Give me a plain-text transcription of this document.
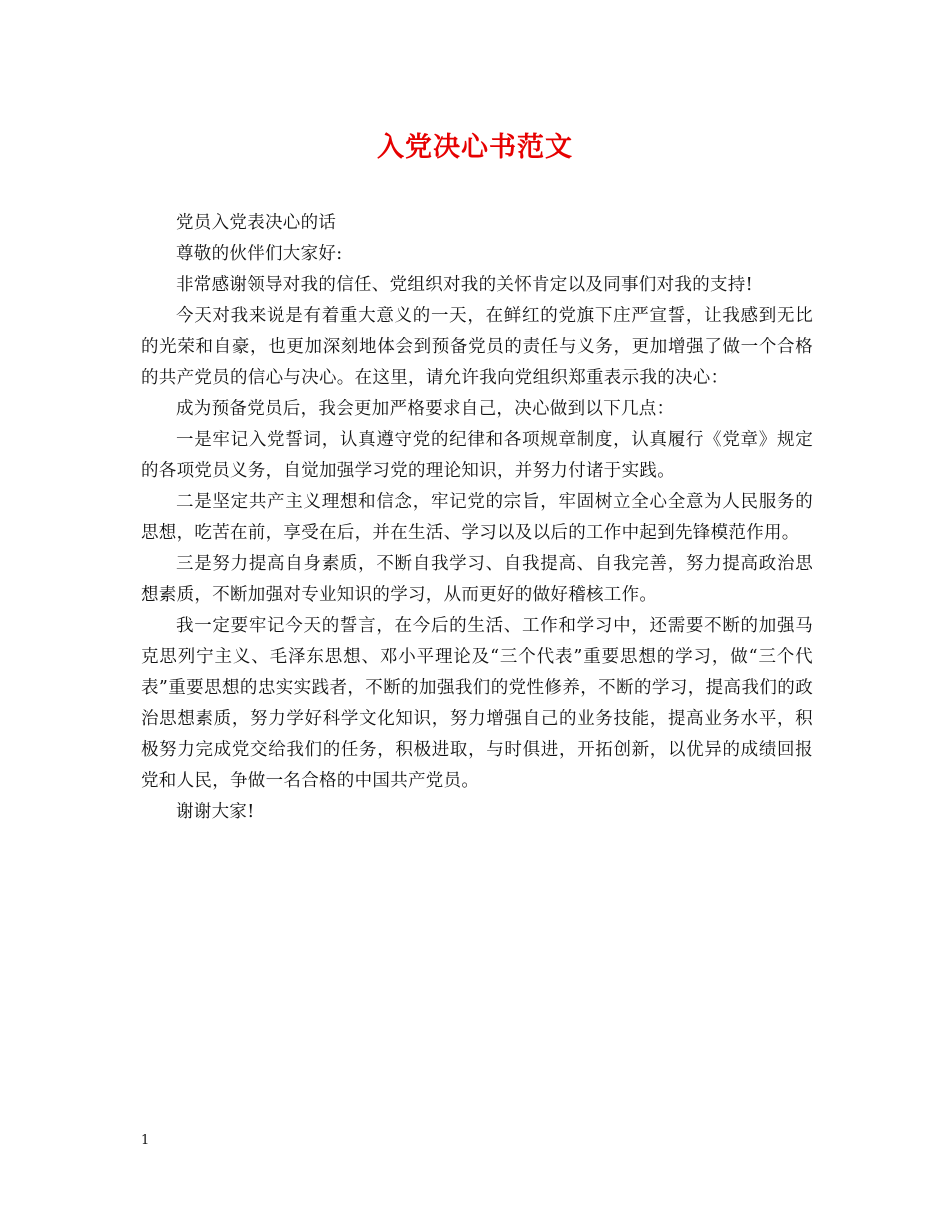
入党决心书范文

党员入党表决心的话

尊敬的伙伴们大家好:

非常感谢领导对我的信任、党组织对我的关怀肯定以及同事们对我的支持!

今天对我来说是有着重大意义的一天，在鲜红的党旗下庄严宣誓，让我感到无比的光荣和自豪，也更加深刻地体会到预备党员的责任与义务，更加增强了做一个合格的共产党员的信心与决心。在这里，请允许我向党组织郑重表示我的决心：

成为预备党员后，我会更加严格要求自己，决心做到以下几点：

一是牢记入党誓词，认真遵守党的纪律和各项规章制度，认真履行《党章》规定的各项党员义务，自觉加强学习党的理论知识，并努力付诸于实践。

二是坚定共产主义理想和信念，牢记党的宗旨，牢固树立全心全意为人民服务的思想，吃苦在前，享受在后，并在生活、学习以及以后的工作中起到先锋模范作用。

三是努力提高自身素质，不断自我学习、自我提高、自我完善，努力提高政治思想素质，不断加强对专业知识的学习，从而更好的做好稽核工作。

我一定要牢记今天的誓言，在今后的生活、工作和学习中，还需要不断的加强马克思列宁主义、毛泽东思想、邓小平理论及“三个代表”重要思想的学习，做“三个代表”重要思想的忠实实践者，不断的加强我们的党性修养，不断的学习，提高我们的政治思想素质，努力学好科学文化知识，努力增强自己的业务技能，提高业务水平，积极努力完成党交给我们的任务，积极进取，与时俱进，开拓创新，以优异的成绩回报党和人民，争做一名合格的中国共产党员。

谢谢大家!

1
